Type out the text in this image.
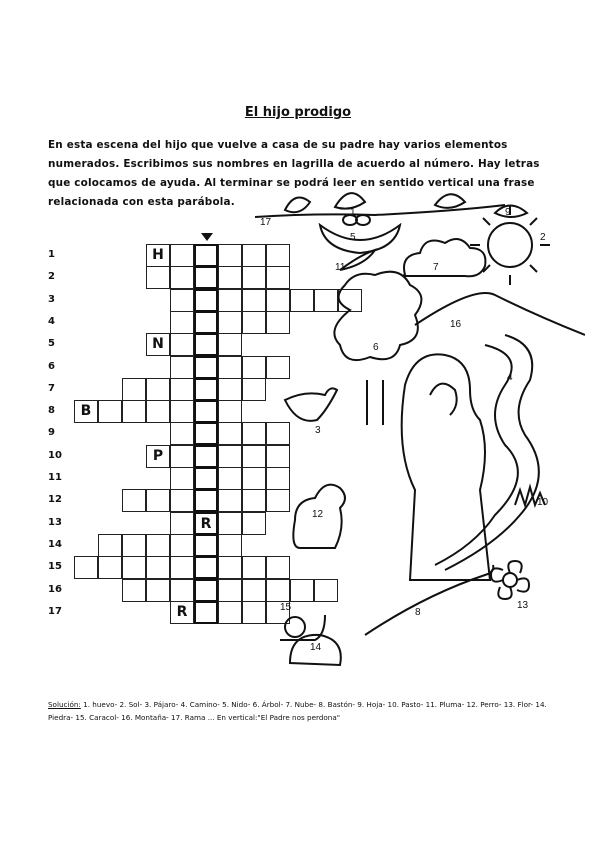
El hijo prodigo
En esta escena del hijo que vuelve a casa de su padre hay varios elementos numerados. Escribimos sus nombres en lagrilla de acuerdo al número. Hay letras que colocamos de ayuda. Al terminar se podrá leer en sentido vertical una frase relacionada con esta parábola.
1
2
3
4
5
6
7
8
9
10
11
12
13
14
15
16
17
H
N
B
P
R
R
17
1
5
9
2
11	7
16
6
4
3
10
12
8
13
15
14
Solución: 1. huevo- 2. Sol- 3. Pájaro- 4. Camino- 5. Nido- 6. Árbol- 7. Nube- 8. Bastón- 9. Hoja- 10. Pasto- 11. Pluma- 12. Perro- 13. Flor- 14. Piedra- 15. Caracol- 16. Montaña- 17. Rama ... En vertical:"El Padre nos perdona"
